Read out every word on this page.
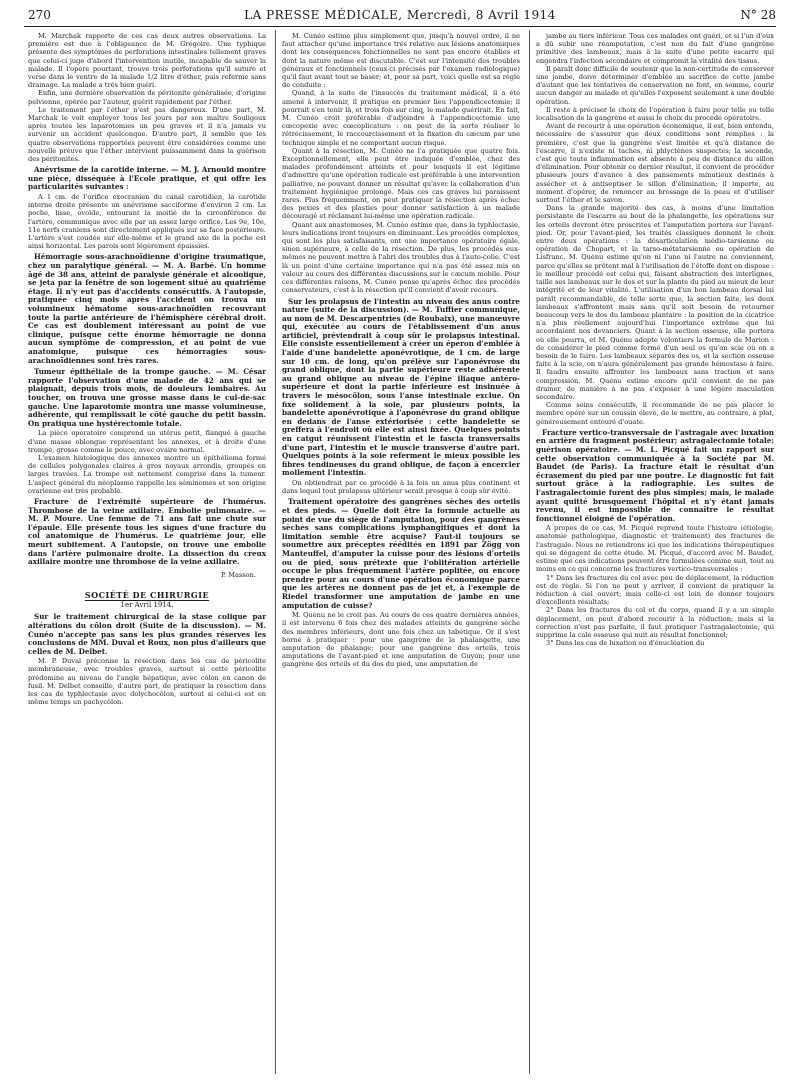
270	LA PRESSE MÉDICALE, Mercredi, 8 Avril 1914	N° 28

M. Marchak rapporte de ces cas deux autres observations. La première est due à l'obligeance de M. Grégoire. Une typhique présente des symptômes de perforations intestinales tellement graves que celui-ci juge d'abord l'intervention inutile, incapable de sauver la malade. Il l'opère pourtant, trouve trois perforations qu'il suture et verse dans le ventre de la malade 1/2 litre d'éther, puis referme sans drainage. La malade a très bien guéri.

Enfin, une dernière observation de péritonite généralisée, d'origine pelvienne, opérée par l'auteur, guérit rapidement par l'éther.

Le traitement par l'éther n'est pas dangereux. D'une part, M. Marchak le voit employer tous les jours par son maître Souligoux après toutes les laparotomies un peu graves et il n'a jamais vu survenir un accident quelconque. D'autre part, il semble que les quatre observations rapportées peuvent être considérées comme une nouvelle preuve que l'éther intervient puissamment dans la guérison des péritonites.

Anévrisme de la carotide interne. — M. J. Arnould montre une pièce, disséquée à l'Ecole pratique, et qui offre les particularités suivantes :

A 1 cm. de l'orifice exocranien du canal carotidien, la carotide interne droite présente un anévrisme sacciforme d'environ 2 cm. La poche, lisse, ovoïde, entourant la moitié de la circonférence de l'artère, communique avec elle par un assez large orifice. Les 9e, 10e, 11e nerfs craniens sont directement appliqués sur sa face postérieure. L'artère s'est coudée sur elle-même et le grand axe de la poche est ainsi horizontal. Les parois sont légèrement épaissies.

Hémorragie sous-arachnoïdienne d'origine traumatique, chez un paralytique général. — M. A. Barbé. Un homme âgé de 38 ans, atteint de paralysie générale et alcoolique, se jeta par la fenêtre de son logement situé au quatrième étage. Il n'y eut pas d'accidents consécutifs. A l'autopsie, pratiquée cinq mois après l'accident on trouva un volumineux hématome sous-arachnoïdien recouvrant toute la partie antérieure de l'hémisphère cérébral droit. Ce cas est doublement intéressant au point de vue clinique, puisque cette énorme hémorragie ne donna aucun symptôme de compression, et au point de vue anatomique, puisque ces hémorragies sous-arachnoïdiennes sont très rares.
Tumeur épithéliale de la trompe gauche. — M. César rapporte l'observation d'une malade de 42 ans qui se plaignait, depuis trois mois, de douleurs lombaires. Au toucher, on trouva une grosse masse dans le cul-de-sac gauche. Une laparotomie montra une masse volumineuse, adhérente, qui remplissait le côté gauche du petit bassin. On pratiqua une hystérectomie totale.

La pièce opératoire comprend un utérus petit, flanqué à gauche d'une masse oblongue représentant les annexes, et à droite d'une trompe, grosse comme le pouce, avec ovaire normal.

L'examen histologique des annexes montre un épithélioma formé de cellules polygonales claires à gros noyaux arrondis, groupés en larges travées. La trompe est nettement comprise dans la tumeur. L'aspect général du néoplasme rappelle les séminomes et son origine ovarienne est très probable.

Fracture de l'extrémité supérieure de l'humérus. Thrombose de la veine axillaire. Embolie pulmonaire. — M. P. Moure. Une femme de 71 ans fait une chute sur l'épaule. Elle présente tous les signes d'une fracture du col anatomique de l'humérus. Le quatrième jour, elle meurt subitement. A l'autopsie, on trouve une embolie dans l'artère pulmonaire droite. La dissection du creux axillaire montre une thrombose de la veine axillaire.
P. Masson.
SOCIÉTÉ DE CHIRURGIE
1er Avril 1914.
Sur le traitement chirurgical de la stase colique par altérations du côlon droit (Suite de la discussion). — M. Cunéo n'accepte pas sans les plus grandes réserves les conclusions de MM. Duval et Roux, non plus d'ailleurs que celles de M. Delbet.

M. P. Duval préconise la résection dans les cas de péricolite membraneuse, avec troubles graves, surtout si cette péricolite prédomine au niveau de l'angle hépatique, avec côlon en canon de fusil. M. Delbet conseille, d'autre part, de pratiquer la résection dans les cas de typhlectasie avec dolychocôlon, surtout si celui-ci est en même temps un pachycôlon.

M. Cunéo estime plus simplement que, jusqu'à nouvel ordre, il ne faut attacher qu'une importance très relative aux lésions anatomiques dont les conséquences fonctionnelles ne sont pas encore établies et dont la nature même est discutable. C'est sur l'intensité des troubles généraux et fonctionnels (ceux-ci précisés par l'examen radiologique) qu'il faut avant tout se baser; et, pour sa part, voici quelle est sa règle de conduite :

Quand, à la suite de l'insuccès du traitement médical, il a été amené à intervenir, il pratique en premier lieu l'appendicectomie; il pourrait s'en tenir là, et trois fois sur cinq, le malade guérirait. En fait, M. Cunéo croit préférable d'adjoindre à l'appendicectomie une cœcopexie avec cœcoplicature : on peut de la sorte réaliser le rétrécissement, le raccourcissement et la fixation du cæcum par une technique simple et ne comportant aucun risque.

Quant à la résection, M. Cunéo ne l'a pratiquée que quatre fois. Exceptionnellement, elle peut être indiquée d'emblée, chez des malades profondément atteints et pour lesquels il est légitime d'admettre qu'une opération radicale est préférable à une intervention palliative, ne pouvant donner un résultat qu'avec la collaboration d'un traitement hygiénique prolongé. Mais ces cas graves lui paraissent rares. Plus fréquemment, on peut pratiquer la résection après échec des pexies et des plasties pour donner satisfaction à un malade découragé et réclamant lui-même une opération radicale.

Quant aux anastomoses, M. Cunéo estime que, dans la typhlectasie, leurs indications iront toujours en diminuant. Les procédés complexes, qui sont les plus satisfaisants, ont une importance opératoire égale, sinon supérieure, à celle de la résection. De plus, les procédés eux-mêmes ne peuvent mettre à l'abri des troubles dus à l'auto-colie. C'est là un point d'une certaine importance qui n'a pas été assez mis en valeur au cours des différentes discussions sur le cæcum mobile. Pour ces différentes raisons, M. Cunéo pense qu'après échec des procédés conservateurs, c'est à la résection qu'il convient d'avoir recours.

Sur les prolapsus de l'intestin au niveau des anus contre nature (suite de la discussion). — M. Tuffier communique, au nom de M. Descarpentries (de Roubaix), une manœuvre qui, exécutée au cours de l'établissement d'un anus artificiel, préviendrait à coup sûr le prolapsus intestinal. Elle consiste essentiellement à créer un éperon d'emblée à l'aide d'une bandelette aponévrotique, de 1 cm. de large sur 10 cm. de long, qu'on prélève sur l'aponévrose du grand oblique, dont la partie supérieure reste adhérente au grand oblique au niveau de l'épine iliaque antéro-supérieure et dont la partie inférieure est insinuée à travers le mésocôlon, sous l'anse intestinale exclue. On fixe solidement à la soie, par plusieurs points, la bandelette aponévrotique à l'aponévrose du grand oblique en dedans de l'anse extériorisée : cette bandelette se greffera à l'endroit où elle est ainsi fixée. Quelques points en catgut réunissent l'intestin et le fascia transversalis d'une part, l'intestin et le muscle transverse d'autre part. Quelques points à la soie referment le mieux possible les fibres tendineuses du grand oblique, de façon à encercler mollement l'intestin.

On obtiendrait par ce procédé à la fois un anus plus continent et dans lequel tout prolapsus ultérieur serait presque à coup sûr évité.

Traitement opératoire des gangrènes sèches des orteils et des pieds. — Quelle doit être la formule actuelle au point de vue du siège de l'amputation, pour des gangrènes sèches sans complications lymphangitiques et dont la limitation semble être acquise? Faut-il toujours se soumettre aux préceptes réédités en 1891 par Zögg von Manteuffel, d'amputer la cuisse pour des lésions d'orteils ou de pied, sous prétexte que l'oblitération artérielle occupe le plus fréquemment l'artère poplitée, ou encore prendre pour au cours d'une opération économique parce que les artères ne donnent pas de jet et, à l'exemple de Riedel transformer une amputation de jambe en une amputation de cuisse?

M. Quénu ne le croit pas. Au cours de ces quatre dernières années, il est intervenu 6 fois chez des malades atteints de gangrène sèche des membres inférieurs, dont une fois chez un tabétique. Or il s'est borné à pratiquer : pour une gangrène de la phalangette, une amputation de phalange; pour une gangrène des orteils, trois amputations de l'avant-pied et une amputation de Guyon; pour une gangrène des orteils et du dos du pied, une amputation de

jambe au tiers inférieur. Tous ces malades ont guéri, et si l'un d'eux a dû subir une réamputation, c'est non du fait d'une gangrène primitive des lambeaux, mais à la suite d'une petite escarre qui engendra l'infection secondaire et compromit la vitalité des tissus.

Il paraît donc difficile de soutenir que la non-certitude de conserver une jambe, doive déterminer d'emblée au sacrifice de cette jambe d'autant que les tentatives de conservation ne font, en somme, courir aucun danger au malade et qu'elles l'exposent seulement à une double opération.

Il reste à préciser le choix de l'opération à faire pour telle ou telle localisation de la gangrène et aussi le choix du procédé opératoire.

Avant de recourir à une opération économique, il est, bien entendu, nécessaire de s'assurer que deux conditions sont remplies : la première, c'est que la gangrène s'est limitée et qu'à distance de l'escarre, il n'existe ni taches, ni phlyctènes suspectes; la seconde, c'est que toute inflammation est absente à peu de distance du sillon d'élimination. Pour obtenir ce dernier résultat, il convient de procéder plusieurs jours d'avance à des pansements minutieux destinés à assécher et à antiseptiser le sillon d'élimination; il importe, au moment d'opérer, de renoncer au brossage de la peau et d'utiliser surtout l'éther et le savon.

Dans la grande majorité des cas, à moins d'une limitation persistante de l'escarre au bout de la phalangette, les opérations sur les orteils devront être proscrites et l'amputation portera sur l'avant-pied. Or, pour l'avant-pied, les traités classiques donnent le choix entre deux opérations : la désarticulation médio-tarsienne ou opération de Chopart, et la tarso-métatarsienne ou opération de Lisfranc. M. Quénu estime qu'on ni l'une ni l'autre ne conviennent, parce qu'elles se prêtent mal à l'utilisation de l'étoffe dont on dispose : le meilleur procédé est celui qui, faisant abstraction des interlignes, taille ses lambeaux sur le dos et sur la plante du pied au mieux de leur intégrité et de leur vitalité. L'utilisation d'un bon lambeau dorsal lui paraît recommandable, de telle sorte que, la section faite, les deux lambeaux s'affrontent mais sans qu'il soit besoin de retourner beaucoup vers le dos du lambeau plantaire : la position de la cicatrice n'a plus réellement aujourd'hui l'importance extrême que lui accordaient nos devanciers. Quant à la section osseuse, elle portera où elle pourra, et M. Quénu adopte volontiers la formule de Marion : de considérer le pied comme formé d'un seul os qu'on scie où on a besoin de le faire. Les lambeaux séparés des os, et la section osseuse faite à la scie, on n'aura généralement pas grande hémostase à faire. Il faudra ensuite affronter les lambeaux sans traction et sans compression. M. Quénu estime encore qu'il convient de ne pas drainer, de manière à ne pas s'exposer à une légère maculation secondaire.

Comme soins consécutifs, il recommande de ne pas placer le membre opéré sur un coussin élevé, de le mettre, au contraire, à plat, généreusement entouré d'ouate.

Fracture vertico-transversale de l'astragale avec luxation en arrière du fragment postérieur; astragalectomie totale; guérison opératoire. — M. L. Picqué fait un rapport sur cette observation communiquée à la Société par M. Baudet (de Paris). La fracture était le résultat d'un écrasement du pied par une poutre. Le diagnostic fut fait surtout grâce à la radiographie. Les suites de l'astragalectomie furent des plus simples; mais, le malade ayant quitté brusquement l'hôpital et n'y étant jamais revenu, il est impossible de connaître le résultat fonctionnel éloigné de l'opération.

A propos de ce cas, M. Picqué reprend toute l'histoire (étiologie, anatomie pathologique, diagnostic et traitement) des fractures de l'astragale. Nous ne retiendrons ici que les indications thérapeutiques qui se dégagent de cette étude. M. Picqué, d'accord avec M. Baudet, estime que ces indications peuvent être formulées comme suit, tout au moins en ce qui concerne les fractures vertico-transversales :

1° Dans les fractures du col avec peu de déplacement, la réduction est de règle. Si l'on ne peut y arriver, il convient de pratiquer la réduction à ciel ouvert; mais celle-ci est loin de donner toujours d'excellents résultats;

2° Dans les fractures du col et du corps, quand il y a un simple déplacement, on peut d'abord recourir à la réduction; mais si la correction n'est pas parfaite, il faut pratiquer l'astragalectomie, qui supprime la cale osseuse qui nuit au résultat fonctionnel;

3° Dans les cas de luxation ou d'énucléation du
